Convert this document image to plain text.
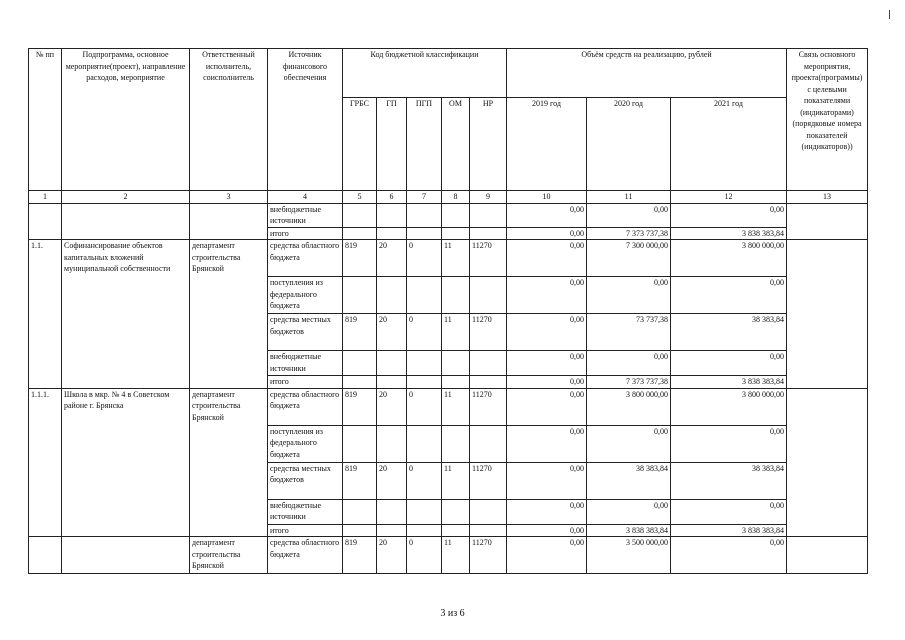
№ пп	Подпрограмма, основное мероприятие(проект), направление расходов, мероприятие	Ответственный исполнитель, соисполнитель	Источник финансового обеспечения	Код бюджетной классификации					Объём средств на реализацию, рублей			Связь основного мероприятия, проекта(программы) с целевыми показателями (индикаторами) (порядковые номера показателей (индикаторов))
				ГРБС	ГП	ПГП	ОМ	НР	2019 год	2020 год	2021 год	
1	2	3	4	5	6	7	8	9	10	11	12	13
			внебюджетные источники						0,00	0,00	0,00	
			итого						0,00	7 373 737,38	3 838 383,84	
1.1.	Софинансирование объектов капитальных вложений муниципальной собственности	департамент строительства Брянской	средства областного бюджета	819	20	0	11	11270	0,00	7 300 000,00	3 800 000,00	
			поступления из федерального бюджета						0,00	0,00	0,00	
			средства местных бюджетов	819	20	0	11	11270	0,00	73 737,38	38 383,84	
			внебюджетные источники						0,00	0,00	0,00	
			итого						0,00	7 373 737,38	3 838 383,84	
1.1.1.	Школа в мкр. № 4 в Советском районе г. Брянска	департамент строительства Брянской	средства областного бюджета	819	20	0	11	11270	0,00	3 800 000,00	3 800 000,00	
			поступления из федерального бюджета						0,00	0,00	0,00	
			средства местных бюджетов	819	20	0	11	11270	0,00	38 383,84	38 383,84	
			внебюджетные источники						0,00	0,00	0,00	
			итого						0,00	3 838 383,84	3 838 383,84	
		департамент строительства Брянской	средства областного бюджета	819	20	0	11	11270	0,00	3 500 000,00	0,00	
3 из 6
